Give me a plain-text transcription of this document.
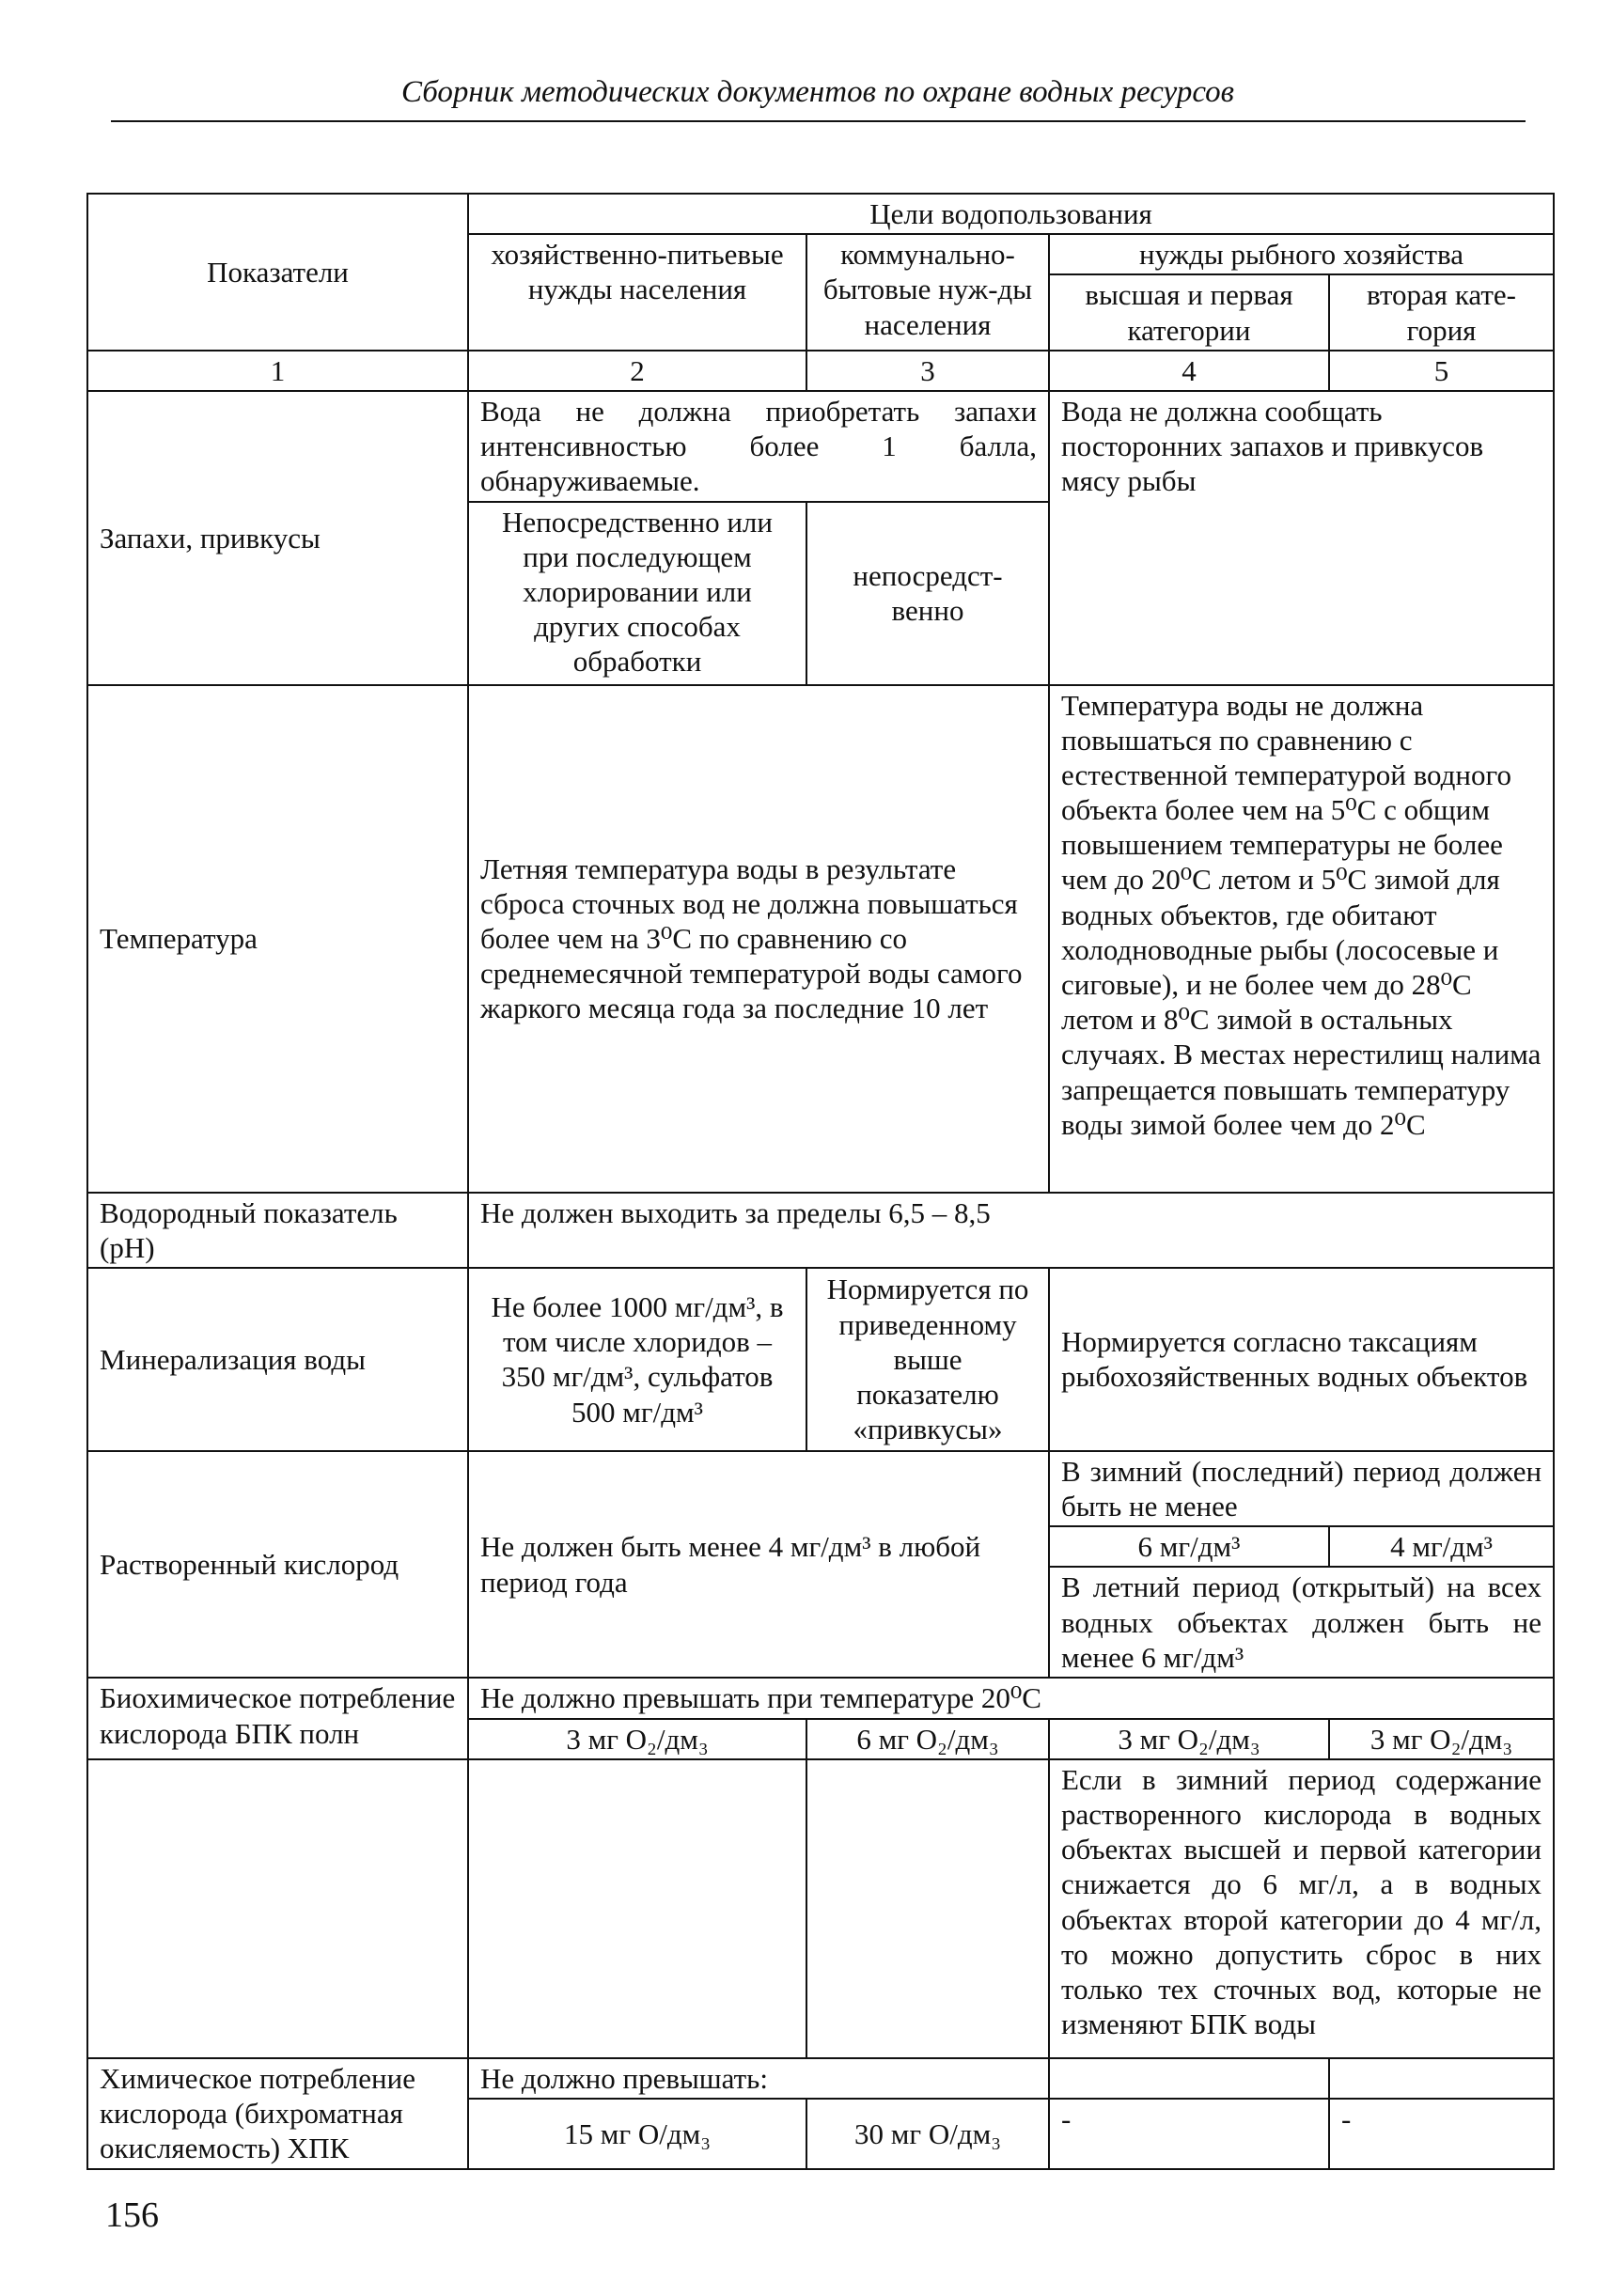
Сборник методических документов по охране водных ресурсов
Показатели	Цели водопользования			
	хозяйственно-питьевые нужды населения	коммунально-бытовые нуж-ды населения	нужды рыбного хозяйства	
			высшая и первая категории	вторая кате-гория
1	2	3	4	5
Запахи, привкусы	Вода не должна приобретать запахи интенсивностью более 1 балла, обнаруживаемые.		Вода не должна сообщать посторонних запахов и привкусов мясу рыбы	
	Непосредственно или при последующем хлорировании или других способах обработки	непосредст-венно		
Температура	Летняя температура воды в результате сброса сточных вод не должна повышаться более чем на 3⁰С по сравнению со среднемесячной температурой воды самого жаркого месяца года за последние 10 лет		Температура воды не должна повышаться по сравнению с естественной температурой водного объекта более чем на 5⁰С с общим повышением температуры не более чем до 20⁰С летом и 5⁰С зимой для водных объектов, где обитают холодноводные рыбы (лососевые и сиговые), и не более чем до 28⁰С летом и 8⁰С зимой в остальных случаях. В местах нерестилищ налима запрещается повышать температуру воды зимой более чем до 2⁰С	
Водородный показатель (pH)	Не должен выходить за пределы 6,5 – 8,5			
Минерализация воды	Не более 1000 мг/дм³, в том числе хлоридов – 350 мг/дм³, сульфатов 500 мг/дм³	Нормируется по приведенному выше показателю «привкусы»	Нормируется согласно таксациям рыбохозяйственных водных объектов	
Растворенный кислород	Не должен быть менее 4 мг/дм³ в любой период года		В зимний (последний) период должен быть не менее	
			6 мг/дм³	4 мг/дм³
			В летний период (открытый) на всех водных объектах должен быть не менее 6 мг/дм³	
Биохимическое потребление кислорода БПК полн	Не должно превышать при температуре 20⁰С			
	3 мг О₂/дм₃	6 мг О₂/дм₃	3 мг О₂/дм₃	3 мг О₂/дм₃
			Если в зимний период содержание растворенного кислорода в водных объектах высшей и первой категории снижается до 6 мг/л, а в водных объектах второй категории до 4 мг/л, то можно допустить сброс в них только тех сточных вод, которые не изменяют БПК воды	
Химическое потребление кислорода (бихроматная окисляемость) ХПК	Не должно превышать:			
	15 мг О/дм₃	30 мг О/дм₃	-	-
156
